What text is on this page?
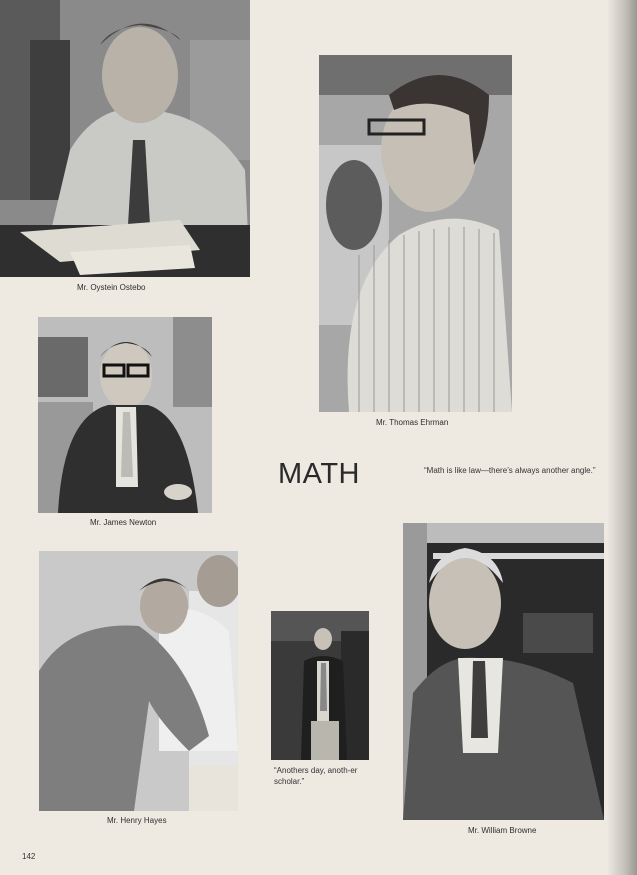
Mr. Oystein Ostebo
Mr. Thomas Ehrman
Mr. James Newton
MATH	“Math is like law—there’s always another angle.”
Mr. Henry Hayes
“Anothers day, anoth-er scholar.”
Mr. William Browne
142
